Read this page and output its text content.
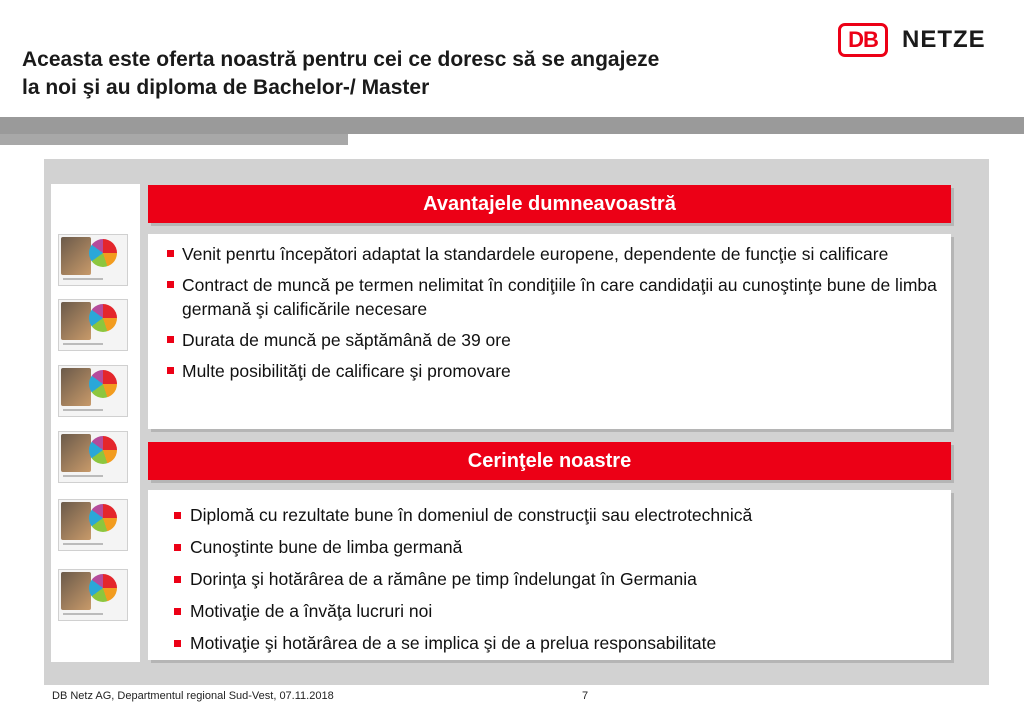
Aceasta este oferta noastră pentru cei ce doresc să se angajeze
la noi şi au diploma de Bachelor-/ Master
DB	NETZE
Avantajele dumneavoastră
Venit penrtu începători adaptat la standardele europene, dependente de funcţie si calificare
Contract de muncă pe termen nelimitat în condiţiile în care candidaţii au cunoştinţe bune de limba germană şi calificările necesare
Durata de muncă pe săptămână de 39 ore
Multe posibilităţi de calificare şi promovare
Cerinţele noastre
Diplomă cu rezultate bune în domeniul de construcţii sau electrotechnică
Cunoştinte bune de limba germană
Dorinţa şi hotărârea de a rămâne pe timp îndelungat în Germania
Motivaţie de a învăţa lucruri noi
Motivaţie şi hotărârea de a se implica şi de a prelua responsabilitate
DB Netz AG, Departmentul regional Sud-Vest, 07.11.2018	7
